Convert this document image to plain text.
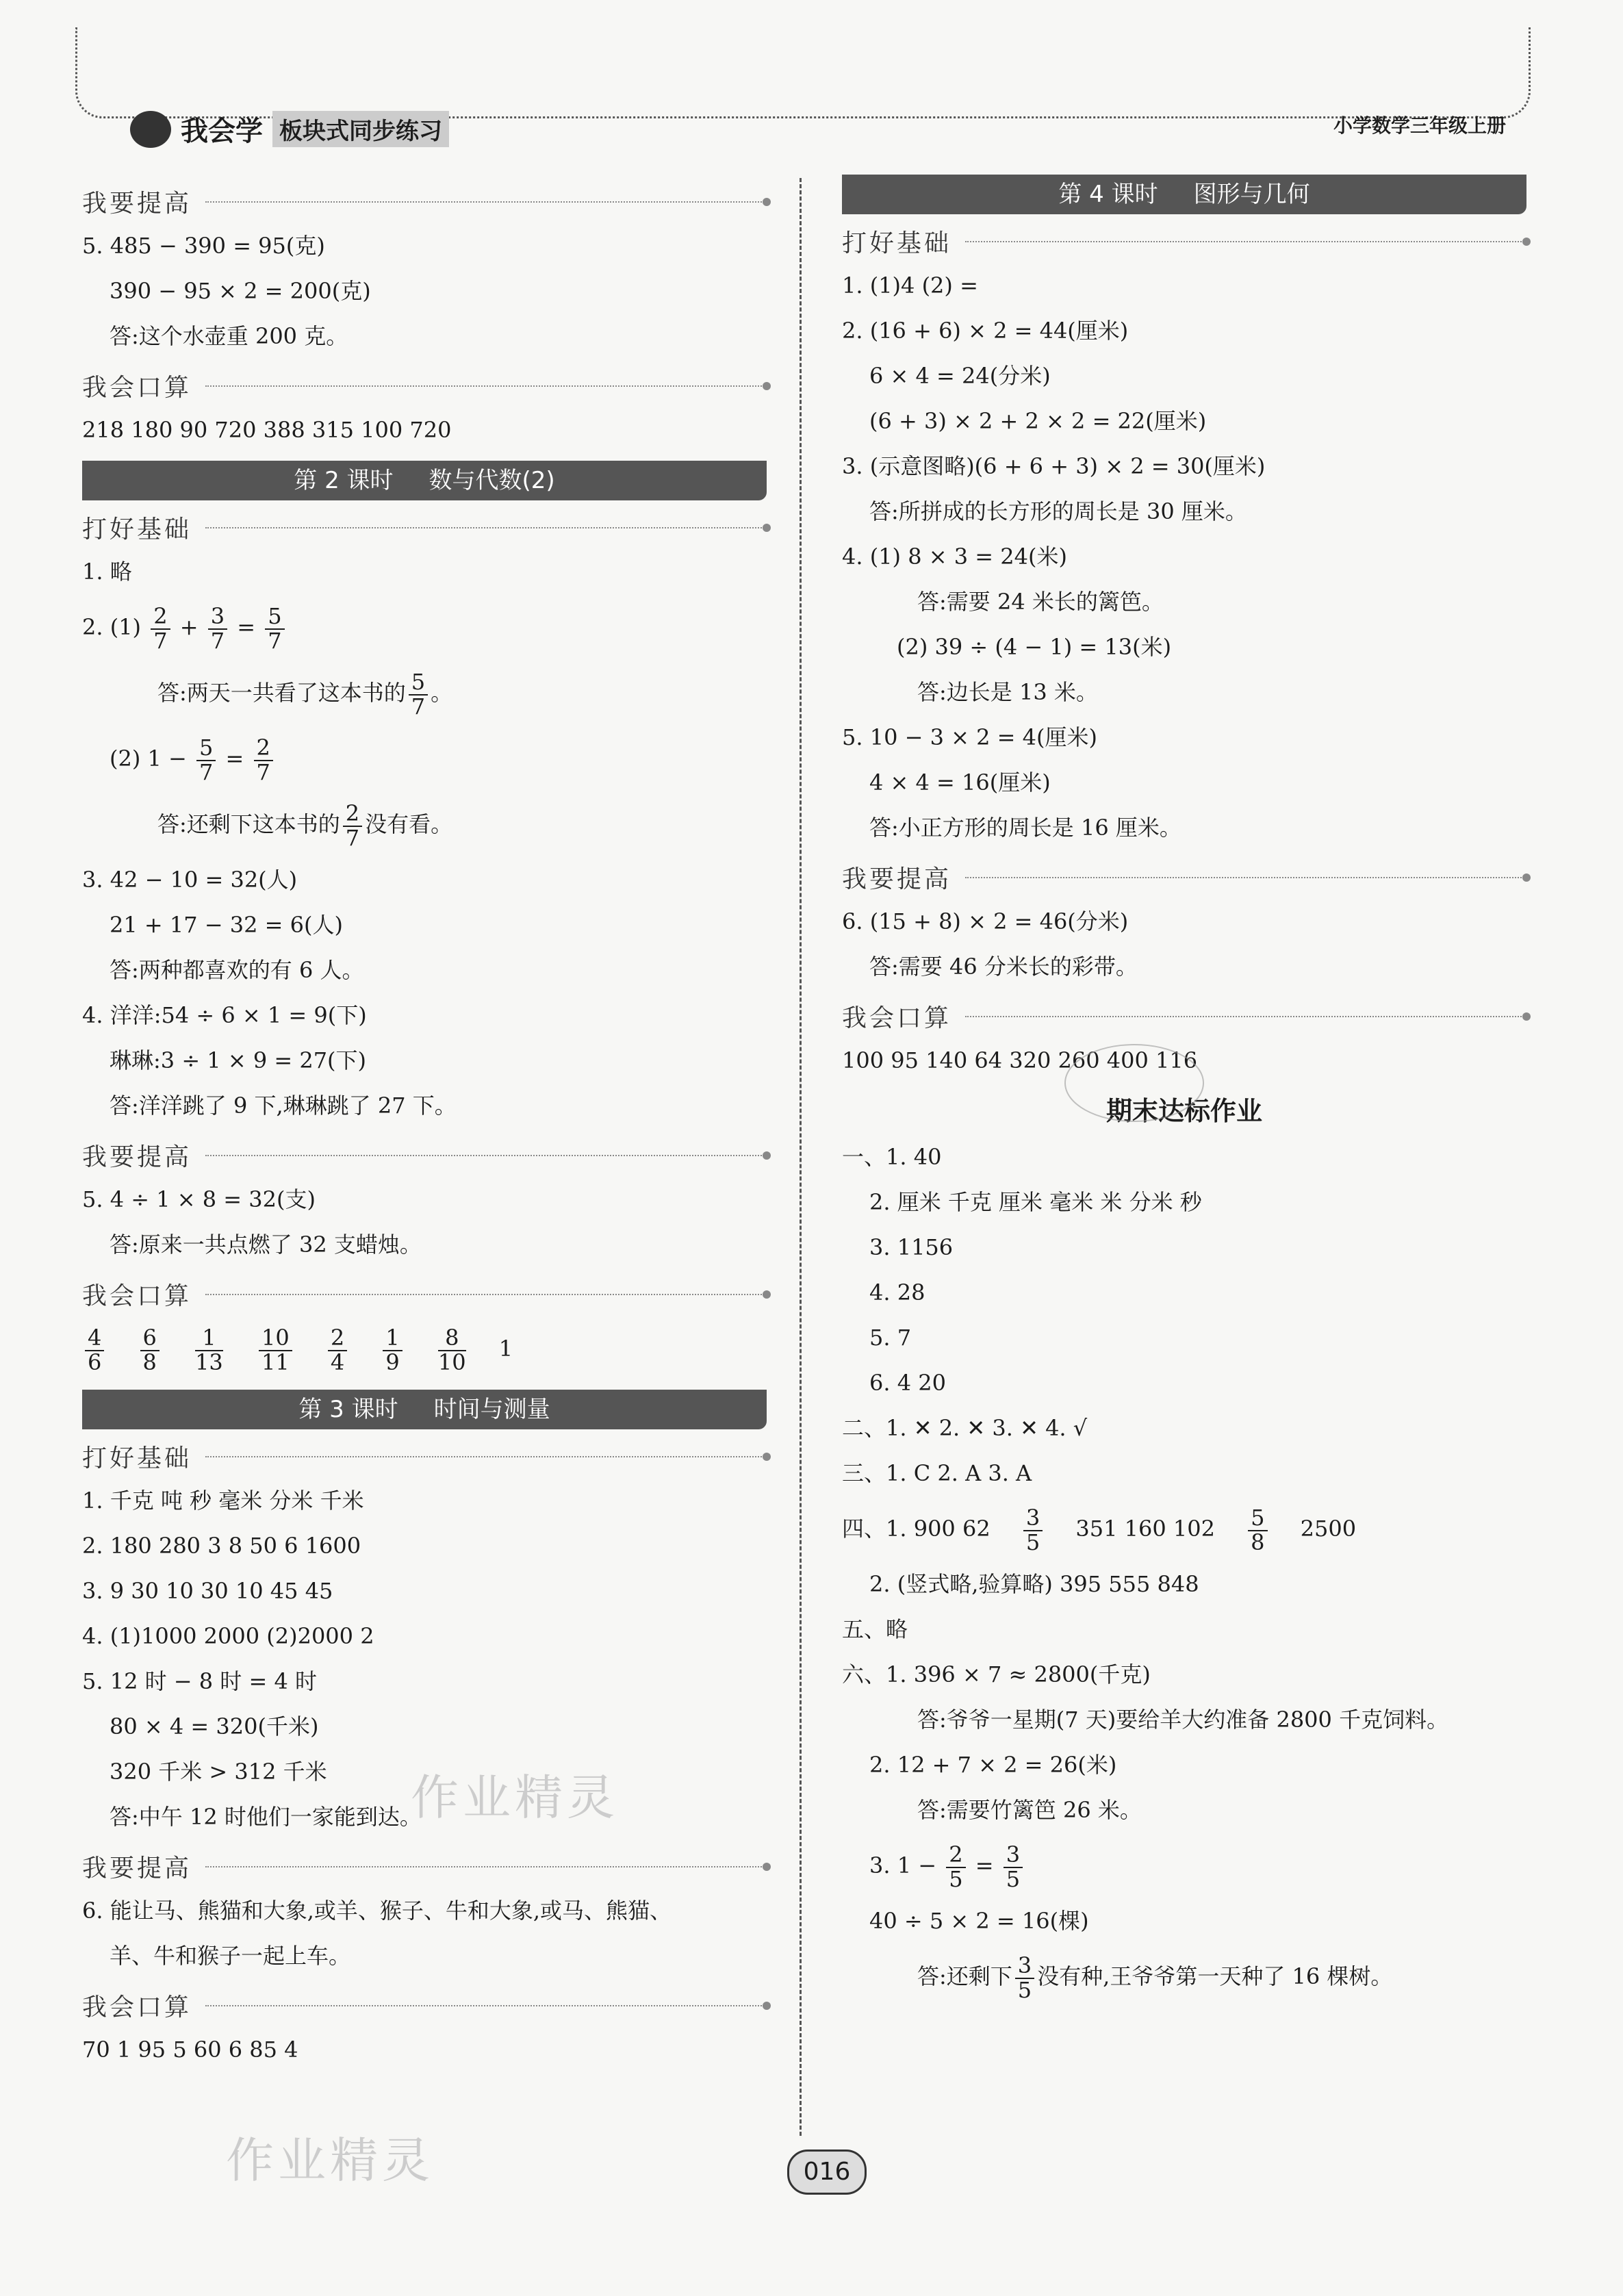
我会学 板块式同步练习	小学数学三年级上册
我要提高
5. 485 − 390 = 95(克)
390 − 95 × 2 = 200(克)
答:这个水壶重 200 克。
我会口算
218 180 90 720 388 315 100 720
第 2 课时 数与代数(2)
打好基础
1. 略
2. $(1) \frac{2}{7} + \frac{3}{7} = \frac{5}{7}$
答:两天一共看了这本书的 $\frac{5}{7}$ 。
(2) $1 - \frac{5}{7} = \frac{2}{7}$
答:还剩下这本书的 $\frac{2}{7}$ 没有看。
3. 42 − 10 = 32(人)
21 + 17 − 32 = 6(人)
答:两种都喜欢的有 6 人。
4. 洋洋:54 ÷ 6 × 1 = 9(下)
琳琳:3 ÷ 1 × 9 = 27(下)
答:洋洋跳了 9 下,琳琳跳了 27 下。
我要提高
5. 4 ÷ 1 × 8 = 32(支)
答:原来一共点燃了 32 支蜡烛。
我会口算
$\frac{4}{6}$
$\frac{6}{8}$
$\frac{1}{13}$
$\frac{10}{11}$
$\frac{2}{4}$
$\frac{1}{9}$
$\frac{8}{10} 1$
第 3 课时 时间与测量
打好基础
1. 千克 吨 秒 毫米 分米 千米
2. 180 280 3 8 50 6 1600
3. 9 30 10 30 10 45 45
4. (1)1000 2000 (2)2000 2
5. 12 时 − 8 时 = 4 时
80 × 4 = 320(千米)
320 千米 > 312 千米
答:中午 12 时他们一家能到达。
我要提高
6. 能让马、熊猫和大象,或羊、猴子、牛和大象,或马、熊猫、
羊、牛和猴子一起上车。
我会口算
70 1 95 5 60 6 85 4
第 4 课时 图形与几何
打好基础
1. (1)4 (2) =
2. (16 + 6) × 2 = 44(厘米)
6 × 4 = 24(分米)
(6 + 3) × 2 + 2 × 2 = 22(厘米)
3. (示意图略)(6 + 6 + 3) × 2 = 30(厘米)
答:所拼成的长方形的周长是 30 厘米。
4. (1) 8 × 3 = 24(米)
答:需要 24 米长的篱笆。
(2) 39 ÷ (4 − 1) = 13(米)
答:边长是 13 米。
5. 10 − 3 × 2 = 4(厘米)
4 × 4 = 16(厘米)
答:小正方形的周长是 16 厘米。
我要提高
6. (15 + 8) × 2 = 46(分米)
答:需要 46 分米长的彩带。
我会口算
100 95 140 64 320 260 400 116
期末达标作业
一、1. 40
2. 厘米 千克 厘米 毫米 米 分米 秒
3. 1156
4. 28
5. 7
6. 4 20
二、1. ✕ 2. ✕ 3. ✕ 4. √
三、1. C 2. A 3. A
四、1. 900 $62 \frac{3}{5} 351$ 160 $102 \frac{5}{8} 2500$
2. (竖式略,验算略) 395 555 848
五、略
六、1. 396 × 7 ≈ 2800(千克)
答:爷爷一星期(7 天)要给羊大约准备 2800 千克饲料。
2. 12 + 7 × 2 = 26(米)
答:需要竹篱笆 26 米。
3. $1 - \frac{2}{5} = \frac{3}{5}$
40 ÷ 5 × 2 = 16(棵)
答:还剩下 $\frac{3}{5}$ 没有种,王爷爷第一天种了 16 棵树。
作业精灵
作业精灵	016
